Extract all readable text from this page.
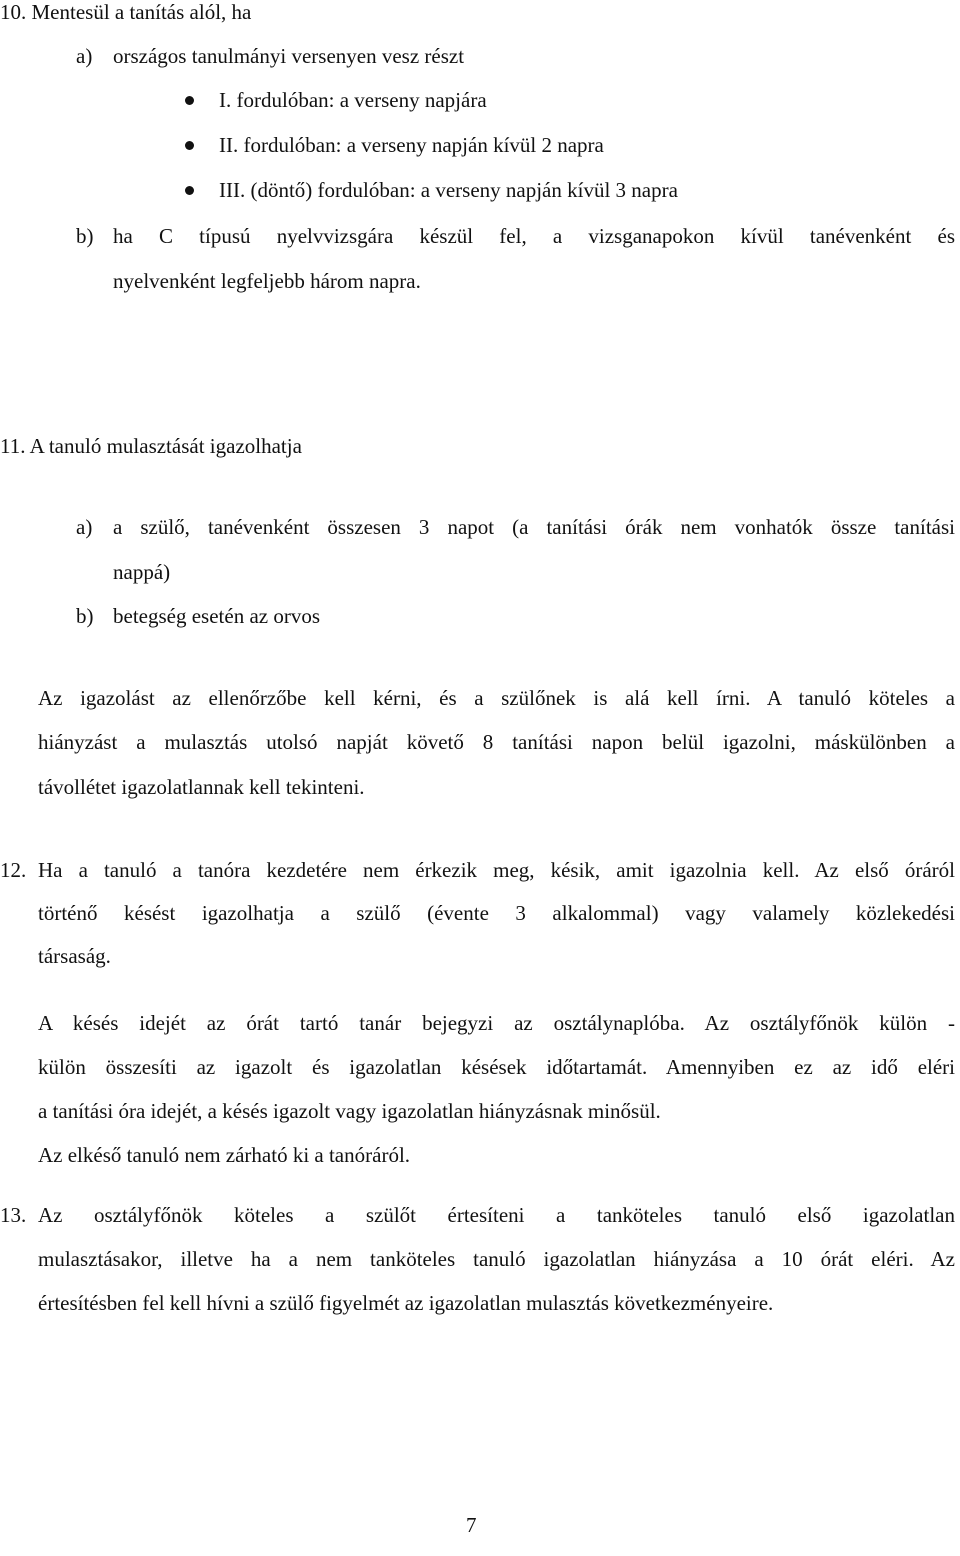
10. Mentesül a tanítás alól, ha
a) országos tanulmányi versenyen vesz részt
I. fordulóban: a verseny napjára
II. fordulóban: a verseny napján kívül 2 napra
III. (döntő) fordulóban: a verseny napján kívül 3 napra
b) ha C típusú nyelvvizsgára készül fel, a vizsganapokon kívül tanévenként és
nyelvenként legfeljebb három napra.
11. A tanuló mulasztását igazolhatja
a) a szülő, tanévenként összesen 3 napot (a tanítási órák nem vonhatók össze tanítási
nappá)
b) betegség esetén az orvos
Az igazolást az ellenőrzőbe kell kérni, és a szülőnek is alá kell írni. A tanuló köteles a
hiányzást a mulasztás utolsó napját követő 8 tanítási napon belül igazolni, máskülönben a
távollétet igazolatlannak kell tekinteni.
12. Ha a tanuló a tanóra kezdetére nem érkezik meg, késik, amit igazolnia kell. Az első óráról
történő késést igazolhatja a szülő (évente 3 alkalommal) vagy valamely közlekedési
társaság.
A késés idejét az órát tartó tanár bejegyzi az osztálynaplóba. Az osztályfőnök külön -
külön összesíti az igazolt és igazolatlan késések időtartamát. Amennyiben ez az idő eléri
a tanítási óra idejét, a késés igazolt vagy igazolatlan hiányzásnak minősül.
Az elkéső tanuló nem zárható ki a tanóráról.
13. Az osztályfőnök köteles a szülőt értesíteni a tanköteles tanuló első igazolatlan
mulasztásakor, illetve ha a nem tanköteles tanuló igazolatlan hiányzása a 10 órát eléri. Az
értesítésben fel kell hívni a szülő figyelmét az igazolatlan mulasztás következményeire.
7
